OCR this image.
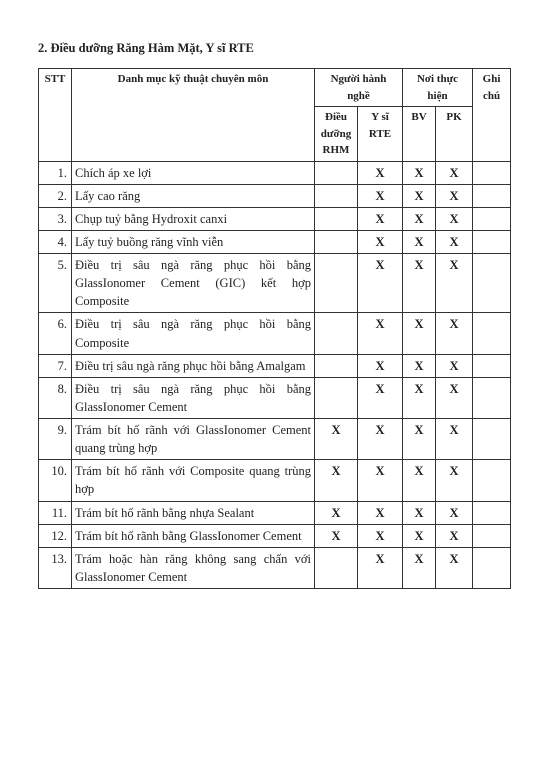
2. Điều dưỡng Răng Hàm Mặt, Y sĩ RTE
STT	Danh mục kỹ thuật chuyên môn	Người hành nghề		Nơi thực hiện		Ghi chú
		Điều dưỡng RHM	Y sĩ RTE	BV	PK	
1.	Chích áp xe lợi		X	X	X	
2.	Lấy cao răng		X	X	X	
3.	Chụp tuỷ bằng Hydroxit canxi		X	X	X	
4.	Lấy tuỷ buồng răng vĩnh viễn		X	X	X	
5.	Điều trị sâu ngà răng phục hồi bằng GlassIonomer Cement (GIC) kết hợp Composite		X	X	X	
6.	Điều trị sâu ngà răng phục hồi bằng Composite		X	X	X	
7.	Điều trị sâu ngà răng phục hồi bằng Amalgam		X	X	X	
8.	Điều trị sâu ngà răng phục hồi bằng GlassIonomer Cement		X	X	X	
9.	Trám bít hố rãnh với GlassIonomer Cement quang trùng hợp	X	X	X	X	
10.	Trám bít hố rãnh với Composite quang trùng hợp	X	X	X	X	
11.	Trám bít hố rãnh bằng nhựa Sealant	X	X	X	X	
12.	Trám bít hố rãnh bằng GlassIonomer Cement	X	X	X	X	
13.	Trám hoặc hàn răng không sang chấn với GlassIonomer Cement		X	X	X	
